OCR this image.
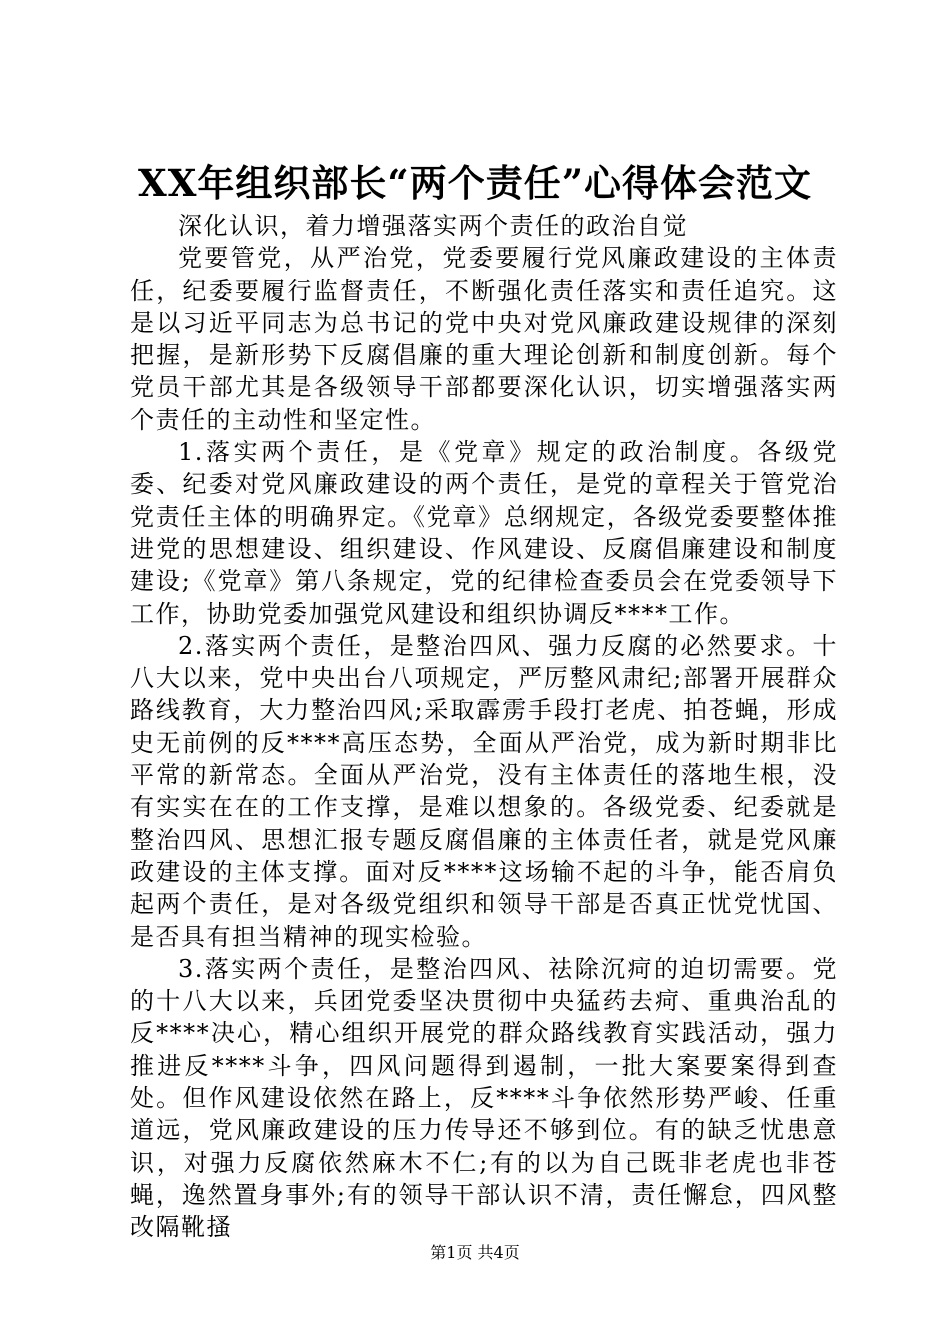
XX年组织部长“两个责任”心得体会范文

深化认识，着力增强落实两个责任的政治自觉

党要管党，从严治党，党委要履行党风廉政建设的主体责任，纪委要履行监督责任，不断强化责任落实和责任追究。这是以习近平同志为总书记的党中央对党风廉政建设规律的深刻把握，是新形势下反腐倡廉的重大理论创新和制度创新。每个党员干部尤其是各级领导干部都要深化认识，切实增强落实两个责任的主动性和坚定性。

1.落实两个责任，是《党章》规定的政治制度。各级党委、纪委对党风廉政建设的两个责任，是党的章程关于管党治党责任主体的明确界定。《党章》总纲规定，各级党委要整体推进党的思想建设、组织建设、作风建设、反腐倡廉建设和制度建设;《党章》第八条规定，党的纪律检查委员会在党委领导下工作，协助党委加强党风建设和组织协调反****工作。

2.落实两个责任，是整治四风、强力反腐的必然要求。十八大以来，党中央出台八项规定，严厉整风肃纪;部署开展群众路线教育，大力整治四风;采取霹雳手段打老虎、拍苍蝇，形成史无前例的反****高压态势，全面从严治党，成为新时期非比平常的新常态。全面从严治党，没有主体责任的落地生根，没有实实在在的工作支撑，是难以想象的。各级党委、纪委就是整治四风、思想汇报专题反腐倡廉的主体责任者，就是党风廉政建设的主体支撑。面对反****这场输不起的斗争，能否肩负起两个责任，是对各级党组织和领导干部是否真正忧党忧国、是否具有担当精神的现实检验。

3.落实两个责任，是整治四风、祛除沉疴的迫切需要。党的十八大以来，兵团党委坚决贯彻中央猛药去疴、重典治乱的反****决心，精心组织开展党的群众路线教育实践活动，强力推进反****斗争，四风问题得到遏制，一批大案要案得到查处。但作风建设依然在路上，反****斗争依然形势严峻、任重道远，党风廉政建设的压力传导还不够到位。有的缺乏忧患意识，对强力反腐依然麻木不仁;有的以为自己既非老虎也非苍蝇，逸然置身事外;有的领导干部认识不清，责任懈怠，四风整改隔靴搔

第1页 共4页
